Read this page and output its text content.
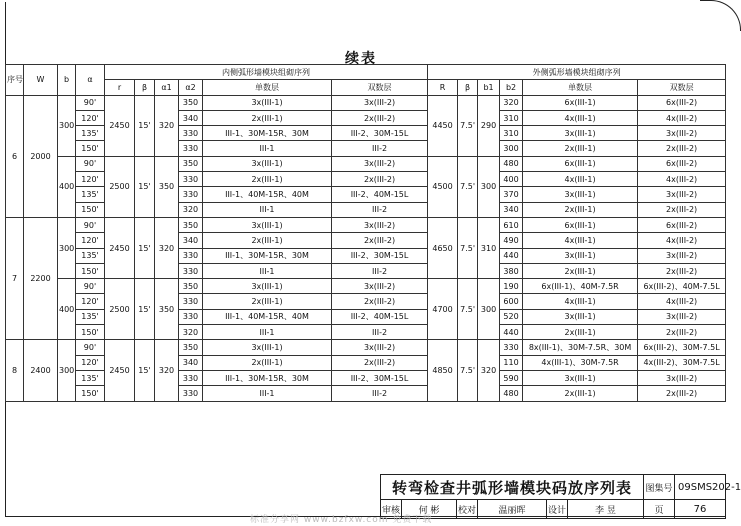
续表
序号	W	b	α	内侧弧形墙模块组砌序列						外侧弧形墙模块组砌序列					
				r	β	α1	α2	单数层	双数层	R	β	b1	b2	单数层	双数层
6	2000	300	90'	2450	15'	320	350	3x(III-1)	3x(III-2)	4450	7.5'	290	320	6x(III-1)	6x(III-2)
			120'				340	2x(III-1)	2x(III-2)				310	4x(III-1)	4x(III-2)
			135'				330	III-1、30M-15R、30M	III-2、30M-15L				310	3x(III-1)	3x(III-2)
			150'				330	III-1	III-2				300	2x(III-1)	2x(III-2)
		400	90'	2500	15'	350	350	3x(III-1)	3x(III-2)	4500	7.5'	300	480	6x(III-1)	6x(III-2)
			120'				330	2x(III-1)	2x(III-2)				400	4x(III-1)	4x(III-2)
			135'				330	III-1、40M-15R、40M	III-2、40M-15L				370	3x(III-1)	3x(III-2)
			150'				320	III-1	III-2				340	2x(III-1)	2x(III-2)
7	2200	300	90'	2450	15'	320	350	3x(III-1)	3x(III-2)	4650	7.5'	310	610	6x(III-1)	6x(III-2)
			120'				340	2x(III-1)	2x(III-2)				490	4x(III-1)	4x(III-2)
			135'				330	III-1、30M-15R、30M	III-2、30M-15L				440	3x(III-1)	3x(III-2)
			150'				330	III-1	III-2				380	2x(III-1)	2x(III-2)
		400	90'	2500	15'	350	350	3x(III-1)	3x(III-2)	4700	7.5'	300	190	6x(III-1)、40M-7.5R	6x(III-2)、40M-7.5L
			120'				330	2x(III-1)	2x(III-2)				600	4x(III-1)	4x(III-2)
			135'				330	III-1、40M-15R、40M	III-2、40M-15L				520	3x(III-1)	3x(III-2)
			150'				320	III-1	III-2				440	2x(III-1)	2x(III-2)
8	2400	300	90'	2450	15'	320	350	3x(III-1)	3x(III-2)	4850	7.5'	320	330	8x(III-1)、30M-7.5R、30M	6x(III-2)、30M-7.5L
			120'				340	2x(III-1)	2x(III-2)				110	4x(III-1)、30M-7.5R	4x(III-2)、30M-7.5L
			135'				330	III-1、30M-15R、30M	III-2、30M-15L				590	3x(III-1)	3x(III-2)
			150'				330	III-1	III-2				480	2x(III-1)	2x(III-2)
转弯检查井弧形墙模块码放序列表	图集号 09SMS202-1
审核	何 彬	校对	温丽晖	设计	李 昱	页	76
标准分享网 www.bzfxw.com 免费下载
